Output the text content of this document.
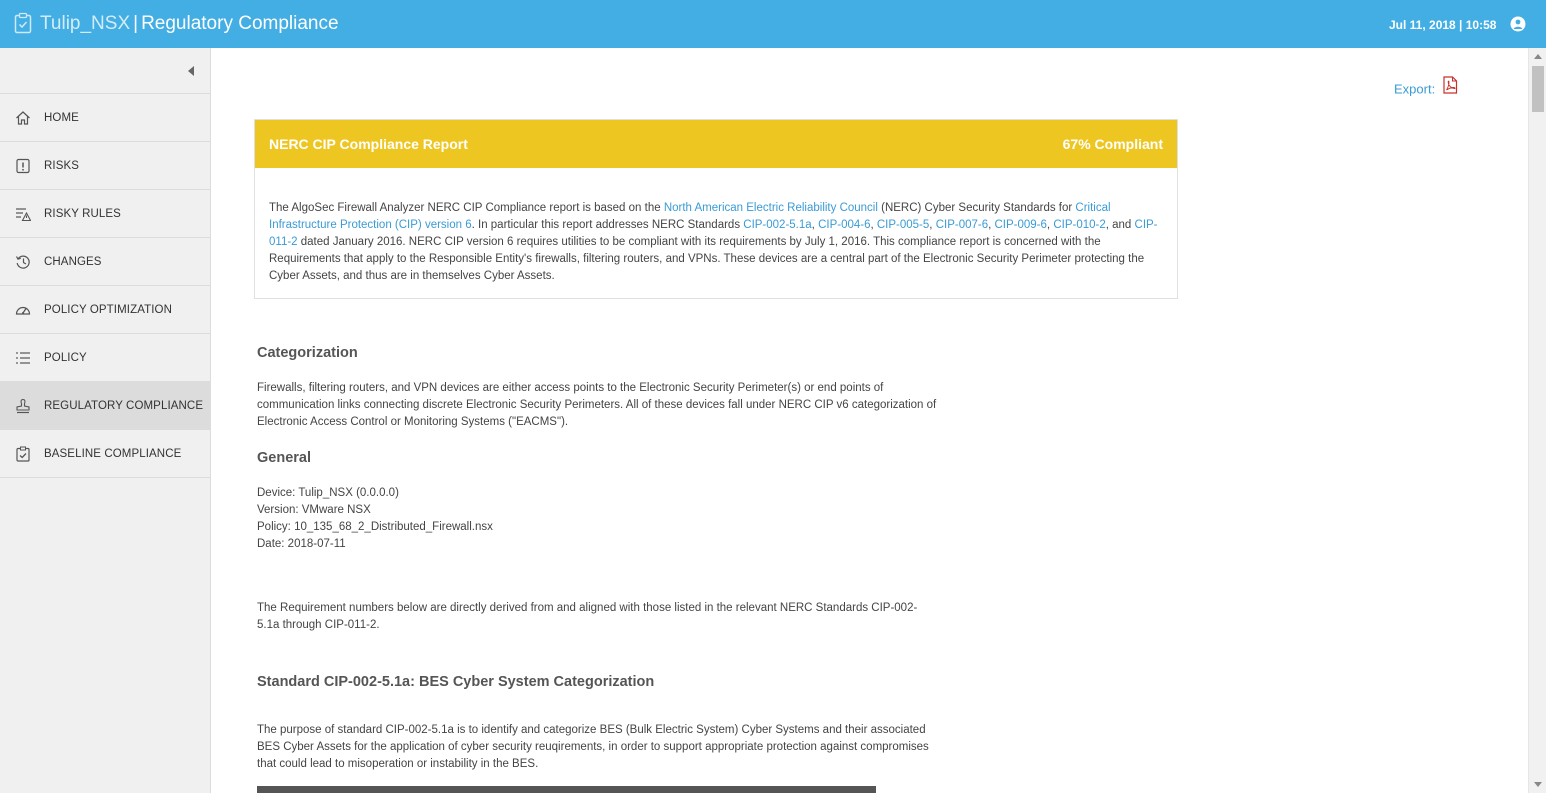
Tulip_NSX | Regulatory Compliance	Jul 11, 2018 | 10:58
HOME
RISKS
RISKY RULES
CHANGES
POLICY OPTIMIZATION
POLICY
REGULATORY COMPLIANCE
BASELINE COMPLIANCE
Export:
NERC CIP Compliance Report	67% Compliant
The AlgoSec Firewall Analyzer NERC CIP Compliance report is based on the North American Electric Reliability Council (NERC) Cyber Security Standards for Critical Infrastructure Protection (CIP) version 6. In particular this report addresses NERC Standards CIP-002-5.1a, CIP-004-6, CIP-005-5, CIP-007-6, CIP-009-6, CIP-010-2, and CIP-011-2 dated January 2016. NERC CIP version 6 requires utilities to be compliant with its requirements by July 1, 2016. This compliance report is concerned with the Requirements that apply to the Responsible Entity's firewalls, filtering routers, and VPNs. These devices are a central part of the Electronic Security Perimeter protecting the Cyber Assets, and thus are in themselves Cyber Assets.
Categorization
Firewalls, filtering routers, and VPN devices are either access points to the Electronic Security Perimeter(s) or end points of communication links connecting discrete Electronic Security Perimeters. All of these devices fall under NERC CIP v6 categorization of Electronic Access Control or Monitoring Systems ("EACMS").
General
Device: Tulip_NSX (0.0.0.0)
Version: VMware NSX
Policy: 10_135_68_2_Distributed_Firewall.nsx
Date: 2018-07-11
The Requirement numbers below are directly derived from and aligned with those listed in the relevant NERC Standards CIP-002-5.1a through CIP-011-2.
Standard CIP-002-5.1a: BES Cyber System Categorization
The purpose of standard CIP-002-5.1a is to identify and categorize BES (Bulk Electric System) Cyber Systems and their associated BES Cyber Assets for the application of cyber security reuqirements, in order to support appropriate protection against compromises that could lead to misoperation or instability in the BES.
